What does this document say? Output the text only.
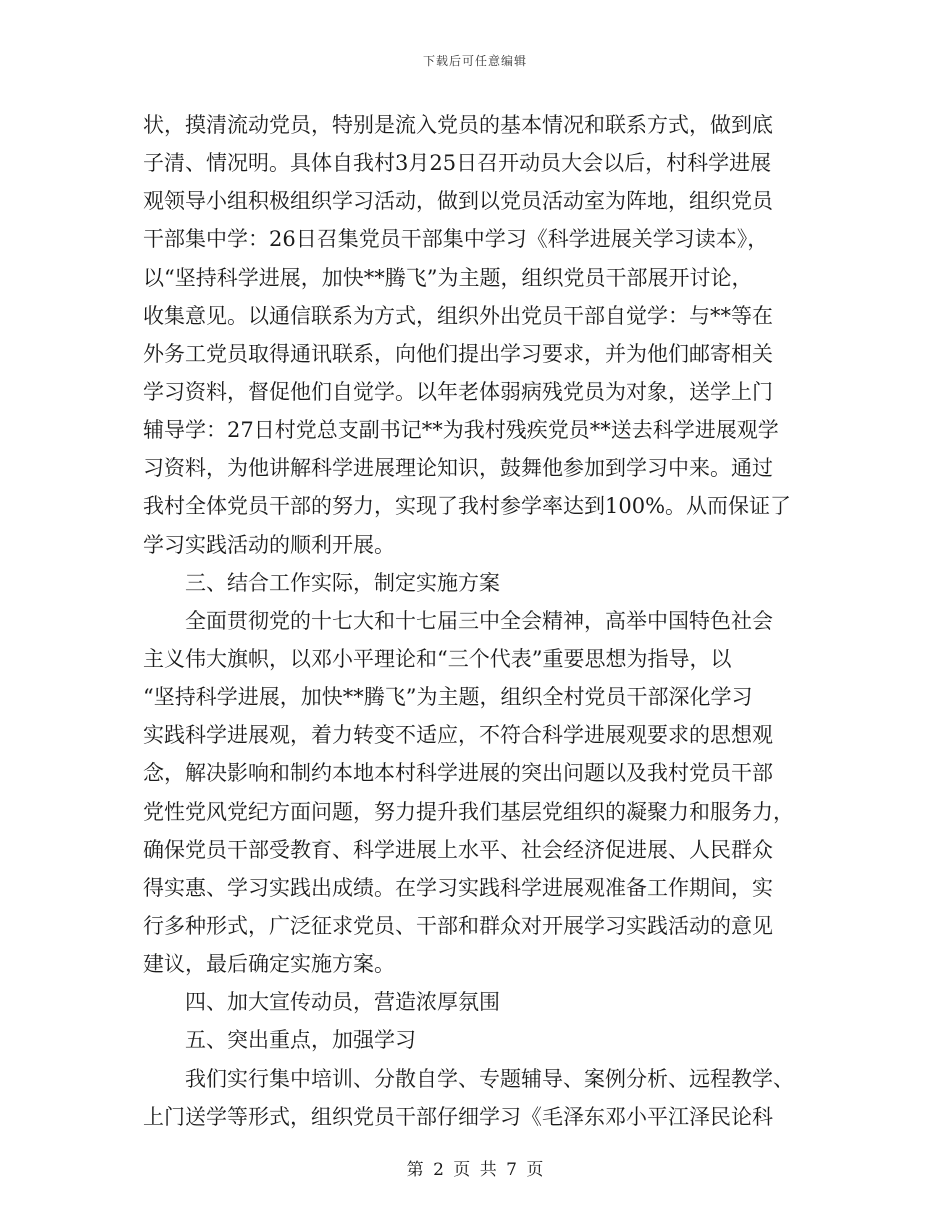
下载后可任意编辑
状，摸清流动党员，特别是流入党员的基本情况和联系方式，做到底
子清、情况明。具体自我村3月25日召开动员大会以后，村科学进展
观领导小组积极组织学习活动，做到以党员活动室为阵地，组织党员
干部集中学：26日召集党员干部集中学习《科学进展关学习读本》，
以“坚持科学进展，加快**腾飞”为主题，组织党员干部展开讨论，
收集意见。以通信联系为方式，组织外出党员干部自觉学：与**等在
外务工党员取得通讯联系，向他们提出学习要求，并为他们邮寄相关
学习资料，督促他们自觉学。以年老体弱病残党员为对象，送学上门
辅导学：27日村党总支副书记**为我村残疾党员**送去科学进展观学
习资料，为他讲解科学进展理论知识，鼓舞他参加到学习中来。通过
我村全体党员干部的努力，实现了我村参学率达到100%。从而保证了
学习实践活动的顺利开展。
三、结合工作实际，制定实施方案
全面贯彻党的十七大和十七届三中全会精神，高举中国特色社会
主义伟大旗帜，以邓小平理论和“三个代表”重要思想为指导，以
“坚持科学进展，加快**腾飞”为主题，组织全村党员干部深化学习
实践科学进展观，着力转变不适应，不符合科学进展观要求的思想观
念，解决影响和制约本地本村科学进展的突出问题以及我村党员干部
党性党风党纪方面问题，努力提升我们基层党组织的凝聚力和服务力，
确保党员干部受教育、科学进展上水平、社会经济促进展、人民群众
得实惠、学习实践出成绩。在学习实践科学进展观准备工作期间，实
行多种形式，广泛征求党员、干部和群众对开展学习实践活动的意见
建议，最后确定实施方案。
四、加大宣传动员，营造浓厚氛围
五、突出重点，加强学习
我们实行集中培训、分散自学、专题辅导、案例分析、远程教学、
上门送学等形式，组织党员干部仔细学习《毛泽东邓小平江泽民论科
第 2 页 共 7 页
